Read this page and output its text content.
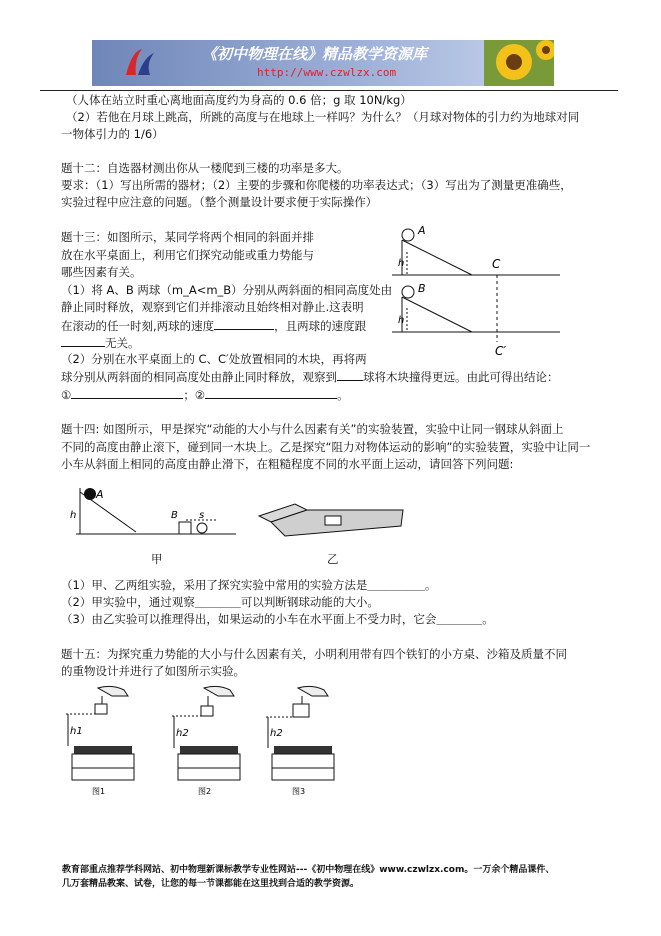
《初中物理在线》精品教学资源库
http://www.czwlzx.com
（人体在站立时重心离地面高度约为身高的 0.6 倍；g 取 10N/kg）
（2）若他在月球上跳高，所跳的高度与在地球上一样吗？为什么？（月球对物体的引力约为地球对同
一物体引力的 1/6）
题十二：自选器材测出你从一楼爬到三楼的功率是多大。
要求：（1）写出所需的器材；（2）主要的步骤和你爬楼的功率表达式；（3）写出为了测量更准确些，
实验过程中应注意的问题。（整个测量设计要求便于实际操作）
题十三：如图所示，某同学将两个相同的斜面并排
放在水平桌面上，利用它们探究动能或重力势能与
哪些因素有关。
（1）将 A、B 两球（m_A<m_B）分别从两斜面的相同高度处由
静止同时释放，观察到它们并排滚动且始终相对静止.这表明
在滚动的任一时刻,两球的速度	，且两球的速度跟
无关。
（2）分别在水平桌面上的 C、C′处放置相同的木块，再将两
球分别从两斜面的相同高度处由静止同时释放，观察到 球将木块撞得更远。由此可得出结论：
①	；②	。
A
B
h
h
C
C′
题十四: 如图所示，甲是探究“动能的大小与什么因素有关”的实验装置，实验中让同一钢球从斜面上
不同的高度由静止滚下，碰到同一木块上。乙是探究“阻力对物体运动的影响”的实验装置，实验中让同一
小车从斜面上相同的高度由静止滑下，在粗糙程度不同的水平面上运动，请回答下列问题:
A
B s
h
甲	乙
（1）甲、乙两组实验，采用了探究实验中常用的实验方法是＿＿＿＿＿。
（2）甲实验中，通过观察＿＿＿＿可以判断钢球动能的大小。
（3）由乙实验可以推理得出，如果运动的小车在水平面上不受力时，它会＿＿＿＿。
题十五：为探究重力势能的大小与什么因素有关，小明利用带有四个铁钉的小方桌、沙箱及质量不同
的重物设计并进行了如图所示实验。
h1
图1
h2
图2
h2
图3
教育部重点推荐学科网站、初中物理新课标教学专业性网站---《初中物理在线》www.czwlzx.com。一万余个精品课件、
几万套精品教案、试卷，让您的每一节课都能在这里找到合适的教学资源。
